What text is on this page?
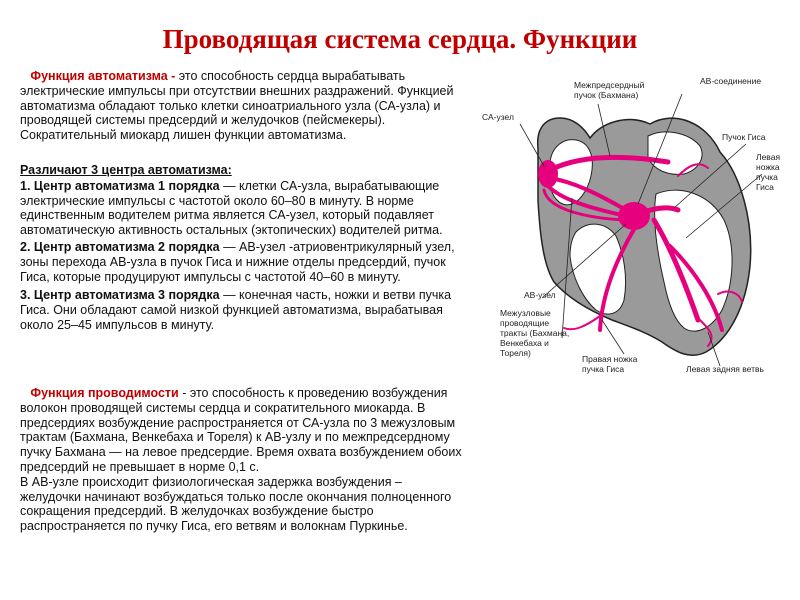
Проводящая система сердца. Функции

Функция автоматизма - это способность сердца вырабатывать электрические импульсы при отсутствии внешних раздражений. Функцией автоматизма обладают только клетки синоатриального узла (СА-узла) и проводящей системы предсердий и желудочков (пейсмекеры). Сократительный миокард лишен функции автоматизма.

Различают 3 центра автоматизма:

1. Центр автоматизма 1 порядка — клетки СА-узла, вырабатывающие электрические импульсы с частотой около 60–80 в минуту. В норме единственным водителем ритма является СА-узел, который подавляет автоматическую активность остальных (эктопических) водителей ритма.

2. Центр автоматизма 2 порядка — АВ-узел -атриовентрикулярный узел, зоны перехода АВ-узла в пучок Гиса и нижние отделы предсердий, пучок Гиса, которые продуцируют импульсы с частотой 40–60 в минуту.

3. Центр автоматизма 3 порядка — конечная часть, ножки и ветви пучка Гиса. Они обладают самой низкой функцией автоматизма, вырабатывая около 25–45 импульсов в минуту.

Функция проводимости - это способность к проведению возбуждения волокон проводящей системы сердца и сократительного миокарда. В предсердиях возбуждение распространяется от СА-узла по 3 межузловым трактам (Бахмана, Венкебаха и Тореля) к АВ-узлу и по межпредсердному пучку Бахмана — на левое предсердие. Время охвата возбуждением обоих предсердий не превышает в норме 0,1 с.

В АВ-узле происходит физиологическая задержка возбуждения – желудочки начинают возбуждаться только после окончания полноценного сокращения предсердий. В желудочках возбуждение быстро распространяется по пучку Гиса, его ветвям и волокнам Пуркинье.

Межпредсердный
пучок (Бахмана)
АВ-соединение
СА-узел
Пучок Гиса
Левая
ножка
пучка
Гиса
АВ-узел
Межузловые
проводящие
тракты (Бахмана,
Венкебаха и
Тореля)
Правая ножка
пучка Гиса	Левая задняя ветвь
